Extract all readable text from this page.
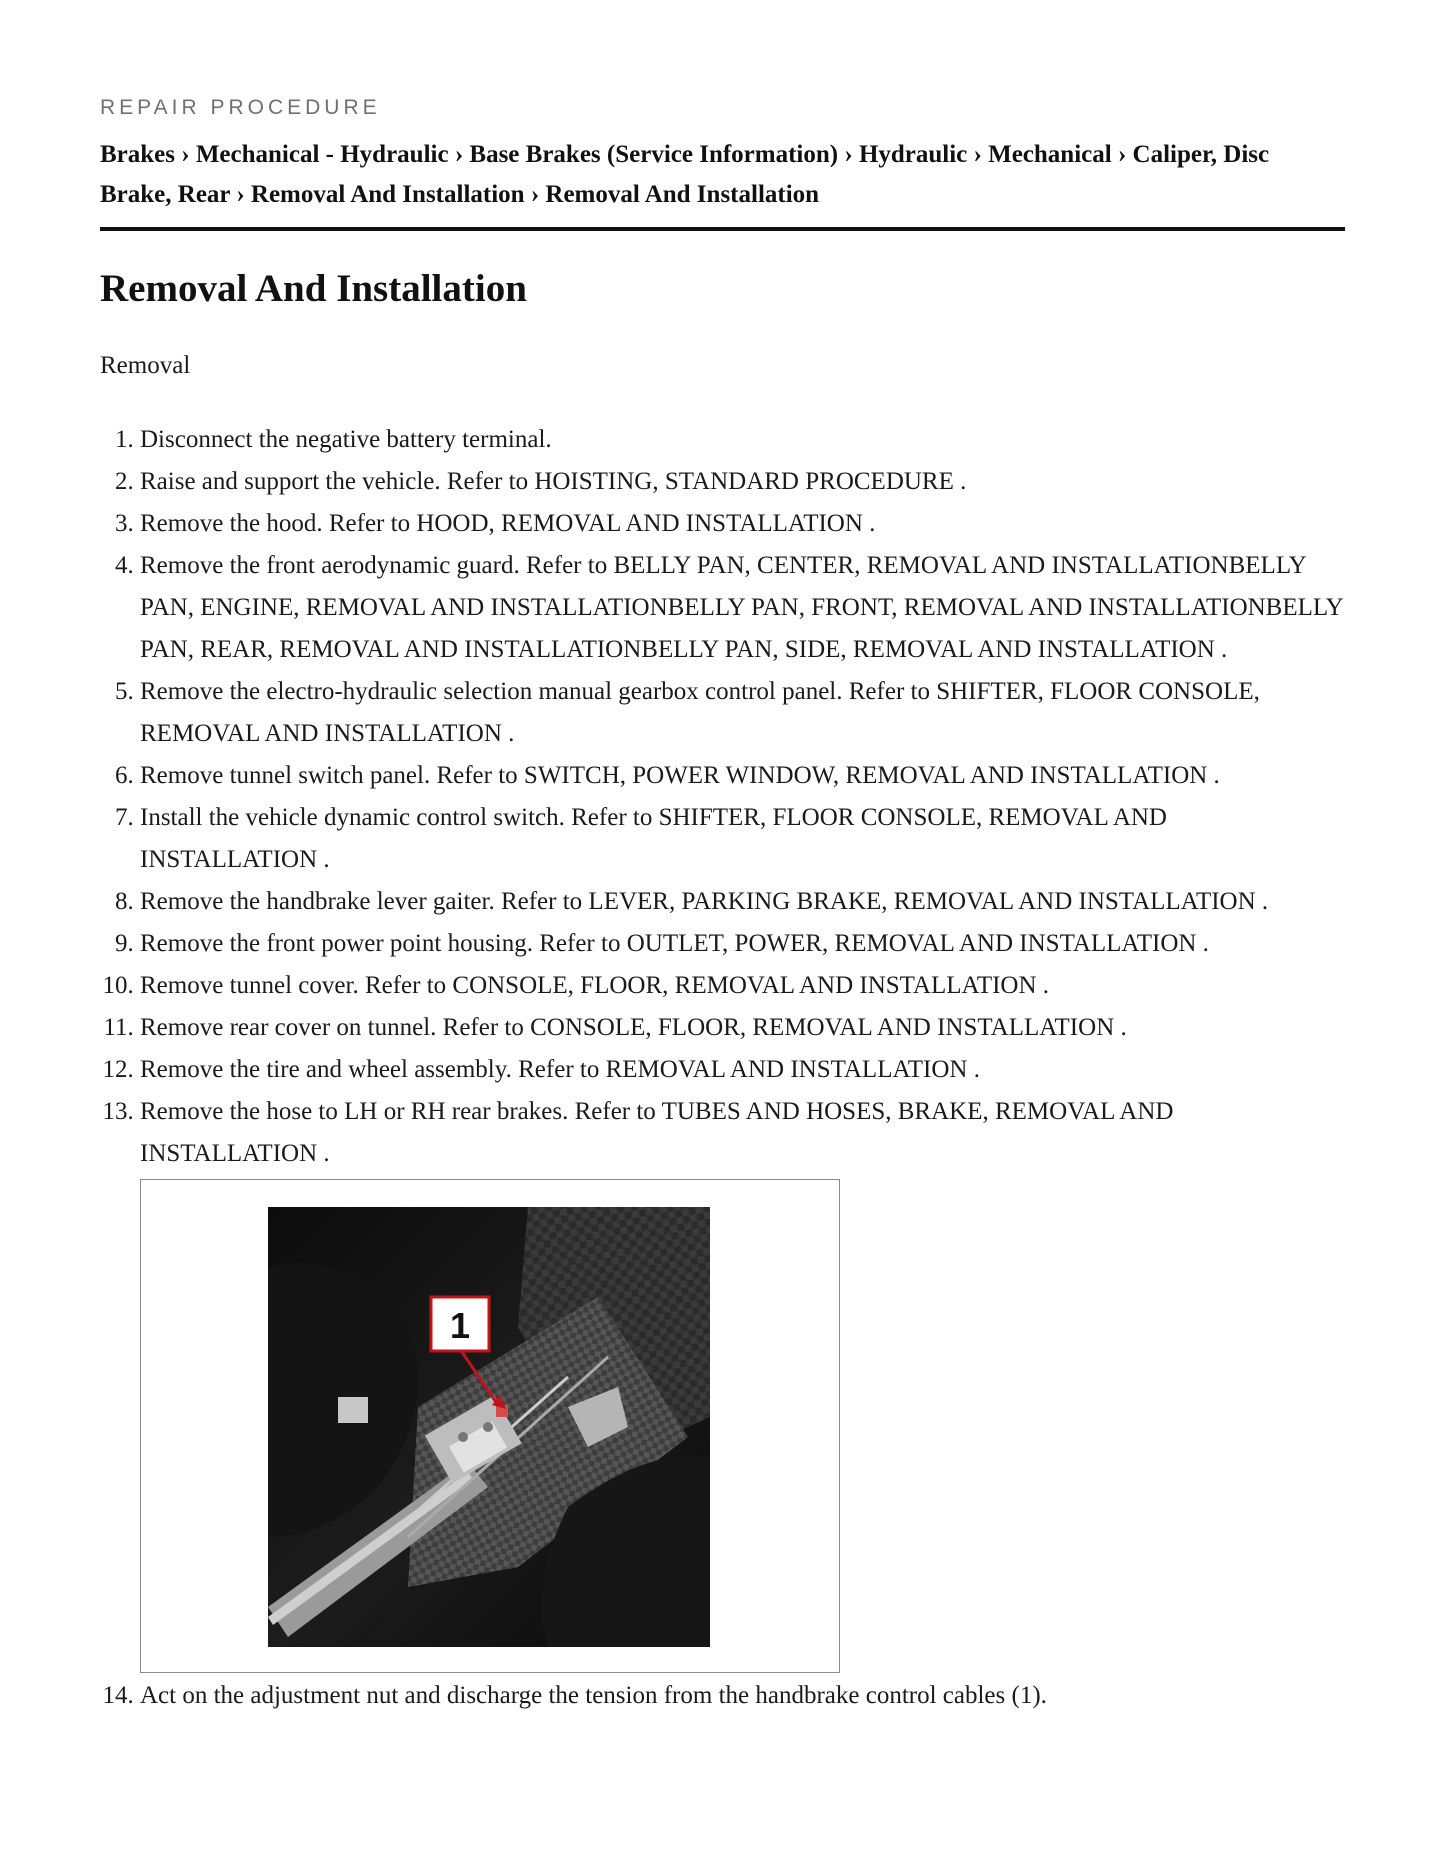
REPAIR PROCEDURE
Brakes › Mechanical - Hydraulic › Base Brakes (Service Information) › Hydraulic › Mechanical › Caliper, Disc Brake, Rear › Removal And Installation › Removal And Installation
Removal And Installation
Removal
1. Disconnect the negative battery terminal.
2. Raise and support the vehicle. Refer to HOISTING, STANDARD PROCEDURE .
3. Remove the hood. Refer to HOOD, REMOVAL AND INSTALLATION .
4. Remove the front aerodynamic guard. Refer to BELLY PAN, CENTER, REMOVAL AND INSTALLATIONBELLY PAN, ENGINE, REMOVAL AND INSTALLATIONBELLY PAN, FRONT, REMOVAL AND INSTALLATIONBELLY PAN, REAR, REMOVAL AND INSTALLATIONBELLY PAN, SIDE, REMOVAL AND INSTALLATION .
5. Remove the electro-hydraulic selection manual gearbox control panel. Refer to SHIFTER, FLOOR CONSOLE, REMOVAL AND INSTALLATION .
6. Remove tunnel switch panel. Refer to SWITCH, POWER WINDOW, REMOVAL AND INSTALLATION .
7. Install the vehicle dynamic control switch. Refer to SHIFTER, FLOOR CONSOLE, REMOVAL AND INSTALLATION .
8. Remove the handbrake lever gaiter. Refer to LEVER, PARKING BRAKE, REMOVAL AND INSTALLATION .
9. Remove the front power point housing. Refer to OUTLET, POWER, REMOVAL AND INSTALLATION .
10. Remove tunnel cover. Refer to CONSOLE, FLOOR, REMOVAL AND INSTALLATION .
11. Remove rear cover on tunnel. Refer to CONSOLE, FLOOR, REMOVAL AND INSTALLATION .
12. Remove the tire and wheel assembly. Refer to REMOVAL AND INSTALLATION .
13. Remove the hose to LH or RH rear brakes. Refer to TUBES AND HOSES, BRAKE, REMOVAL AND INSTALLATION .
1
14. Act on the adjustment nut and discharge the tension from the handbrake control cables (1).
